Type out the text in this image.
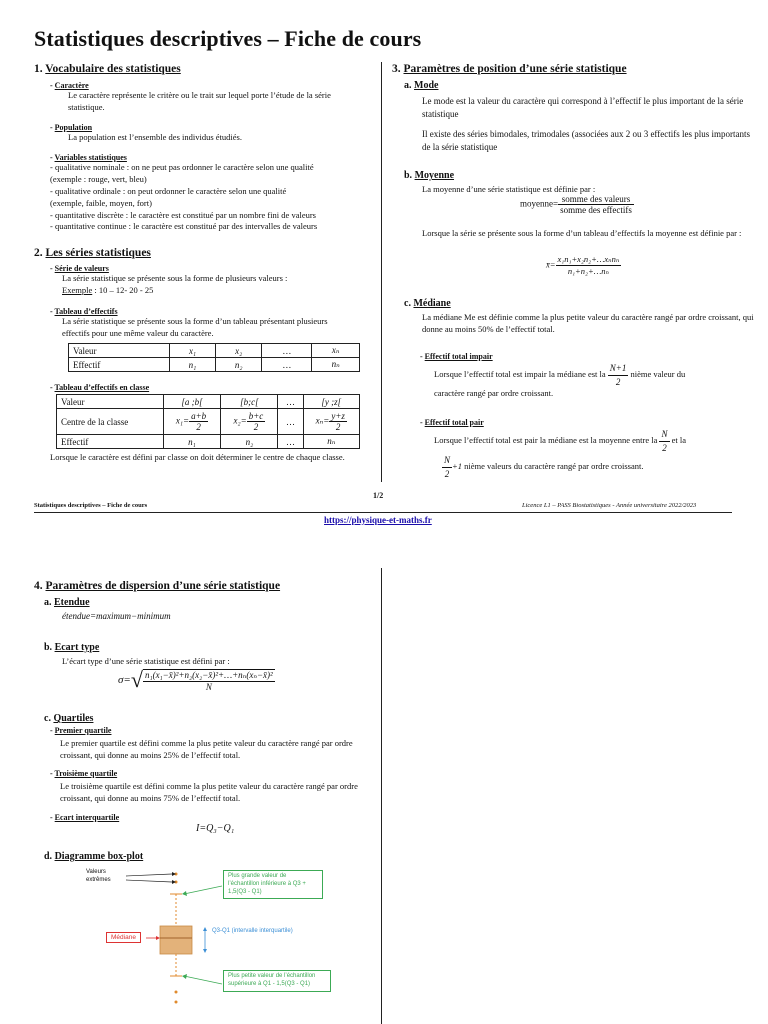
Statistiques descriptives – Fiche de cours
1. Vocabulaire des statistiques
- Caractère
Le caractère représente le critère ou le trait sur lequel porte l’étude de la série statistique.
- Population
La population est l’ensemble des individus étudiés.
- Variables statistiques
- qualitative nominale : on ne peut pas ordonner le caractère selon une qualité
(exemple : rouge, vert, bleu)
- qualitative ordinale : on peut ordonner le caractère selon une qualité
(exemple, faible, moyen, fort)
- quantitative discrète : le caractère est constitué par un nombre fini de valeurs
- quantitative continue : le caractère est constitué par des intervalles de valeurs
2. Les séries statistiques
- Série de valeurs
La série statistique se présente sous la forme de plusieurs valeurs :
Exemple : 10 – 12- 20 - 25
- Tableau d’effectifs
La série statistique se présente sous la forme d’un tableau présentant plusieurs effectifs pour une même valeur du caractère.
Valeur	x₁	x₂	…	xₙ
Effectif	n₁	n₂	…	nₙ
- Tableau d’effectifs en classe
Valeur	[a ;b[	[b;c[	…	[y ;z[
Centre de la classe	$x_1= \frac{a+b}{2}$	$x_2= \frac{b+c}{2}$	…	$x_n= \frac{y+z}{2}$

Effectif	n₁	n₂	…	nₙ
Lorsque le caractère est défini par classe on doit déterminer le centre de chaque classe.
3. Paramètres de position d’une série statistique
a. Mode
Le mode est la valeur du caractère qui correspond à l’effectif le plus important de la série statistique
Il existe des séries bimodales, trimodales (associées aux 2 ou 3 effectifs les plus importants de la série statistique
b. Moyenne
La moyenne d’une série statistique est définie par :
moyenne= $\frac{\text{somme des valeurs}}{\text{somme des effectifs}}$
Lorsque la série se présente sous la forme d’un tableau d’effectifs la moyenne est définie par :
x̄= $\frac{\text{x₁n₁+x₂n₂+…xₙnₙ}}{\text{n₁+n₂+…nₙ}}$
c. Médiane
La médiane Me est définie comme la plus petite valeur du caractère rangé par ordre croissant, qui donne au moins 50% de l’effectif total.
- Effectif total impair
Lorsque l’effectif total est impair la médiane est la $\frac{N+1}{2}$ nième valeur du
caractère rangé par ordre croissant.
- Effectif total pair
Lorsque l’effectif total est pair la médiane est la moyenne entre la $\frac{N}{2}$ et la

$\frac{N}{2} +1$ nième valeurs du caractère rangé par ordre croissant.
1/2
Statistiques descriptives – Fiche de cours	Licence L1 – PASS Biostatistiques - Année universitaire 2022/2023
https://physique-et-maths.fr
4. Paramètres de dispersion d’une série statistique
a. Etendue
étendue=maximum−minimum
b. Ecart type
L’écart type d’une série statistique est défini par :
$\sigma=√ \frac{\text{n₁(x₁−x̄)²+n₂(x₂−x̄)²+…+nₙ(xₙ−x̄)²}}{N}$
c. Quartiles
- Premier quartile
Le premier quartile est défini comme la plus petite valeur du caractère rangé par ordre croissant, qui donne au moins 25% de l’effectif total.
- Troisième quartile
Le troisième quartile est défini comme la plus petite valeur du caractère rangé par ordre croissant, qui donne au moins 75% de l’effectif total.
- Ecart interquartile
I=Q₃−Q₁
d. Diagramme box-plot
Valeurs extrêmes
Plus grande valeur de l’échantillon inférieure à Q3 + 1,5(Q3 - Q1)
Médiane
Q3-Q1 (intervalle interquartile)
Plus petite valeur de l’échantillon supérieure à Q1 - 1,5(Q3 - Q1)
